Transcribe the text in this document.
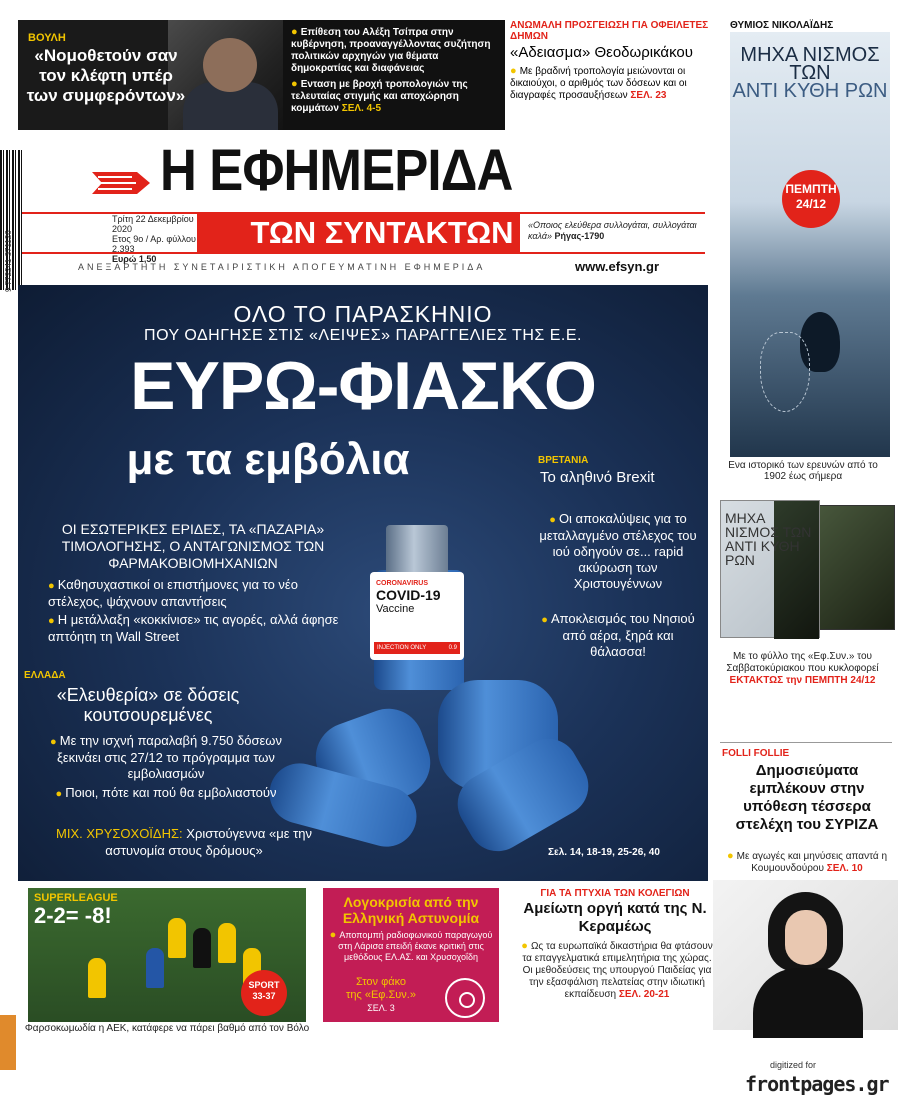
ΒΟΥΛΗ
«Νομοθετούν σαν τον κλέφτη υπέρ των συμφερόντων»

● Επίθεση του Αλέξη Τσίπρα στην κυβέρνηση, προαναγγέλλοντας συζήτηση πολιτικών αρχηγών για θέματα δημοκρατίας και διαφάνειας

● Ενταση με βροχή τροπολογιών της τελευταίας στιγμής και αποχώρηση κομμάτων ΣΕΛ. 4-5

ΑΝΩΜΑΛΗ ΠΡΟΣΓΕΙΩΣΗ ΓΙΑ ΟΦΕΙΛΕΤΕΣ ΔΗΜΩΝ
«Αδειασμα» Θεοδωρικάκου
● Με βραδινή τροπολογία μειώνονται οι δικαιούχοι, ο αριθμός των δόσεων και οι διαγραφές προσαυξήσεων ΣΕΛ. 23
Η ΕΦΗΜΕΡΙΔΑ
ΤΩΝ ΣΥΝΤΑΚΤΩΝ
Τρίτη 22 Δεκεμβρίου 2020
Ετος 9ο / Αρ. φύλλου 2.393
Ευρώ 1,50
«Οποιος ελεύθερα συλλογάται, συλλογάται καλά» Ρήγας-1790
ΑΝΕΞΑΡΤΗΤΗ ΣΥΝΕΤΑΙΡΙΣΤΙΚΗ ΑΠΟΓΕΥΜΑΤΙΝΗ ΕΦΗΜΕΡΙΔΑ	www.efsyn.gr
9 772241 371126
ΟΛΟ ΤΟ ΠΑΡΑΣΚΗΝΙΟ
ΠΟΥ ΟΔΗΓΗΣΕ ΣΤΙΣ «ΛΕΙΨΕΣ» ΠΑΡΑΓΓΕΛΙΕΣ ΤΗΣ Ε.Ε.
ΕΥΡΩ-ΦΙΑΣΚΟ
με τα εμβόλια
ΟΙ ΕΣΩΤΕΡΙΚΕΣ ΕΡΙΔΕΣ, ΤΑ «ΠΑΖΑΡΙΑ» ΤΙΜΟΛΟΓΗΣΗΣ, Ο ΑΝΤΑΓΩΝΙΣΜΟΣ ΤΩΝ ΦΑΡΜΑΚΟΒΙΟΜΗΧΑΝΙΩΝ
● Καθησυχαστικοί οι επιστήμονες για το νέο στέλεχος, ψάχνουν απαντήσεις
● Η μετάλλαξη «κοκκίνισε» τις αγορές, αλλά άφησε απτόητη τη Wall Street
CORONAVIRUS
COVID-19
Vaccine
INJECTION ONLY	0.9
ΕΛΛΑΔΑ
«Ελευθερία» σε δόσεις κουτσουρεμένες
● Με την ισχνή παραλαβή 9.750 δόσεων ξεκινάει στις 27/12 το πρόγραμμα των εμβολιασμών
● Ποιοι, πότε και πού θα εμβολιαστούν
ΜΙΧ. ΧΡΥΣΟΧΟΪΔΗΣ: Χριστούγεννα «με την αστυνομία στους δρόμους»	Σελ. 14, 18-19, 25-26, 40
ΒΡΕΤΑΝΙΑ
Το αληθινό Brexit
● Οι αποκαλύψεις για το μεταλλαγμένο στέλεχος του ιού οδηγούν σε... rapid ακύρωση των Χριστουγέννων
● Αποκλεισμός του Νησιού από αέρα, ξηρά και θάλασσα!
ΘΥΜΙΟΣ ΝΙΚΟΛΑΪΔΗΣ
ΜΗΧΑ ΝΙΣΜΟΣ ΤΩΝ
ΑΝΤΙ ΚΥΘΗ ΡΩΝ
ΠΕΜΠΤΗ
24/12
Ενα ιστορικό των ερευνών από το 1902 έως σήμερα
ΜΗΧΑ ΝΙΣΜΟΣ ΤΩΝ
ΑΝΤΙ ΚΥΘΗ ΡΩΝ
Με το φύλλο της «Εφ.Συν.» του Σαββατοκύριακου που κυκλοφορεί
ΕΚΤΑΚΤΩΣ την ΠΕΜΠΤΗ 24/12
FOLLI FOLLIE
Δημοσιεύματα εμπλέκουν στην υπόθεση τέσσερα στελέχη του ΣΥΡΙΖΑ
● Με αγωγές και μηνύσεις απαντά η Κουμουνδούρου ΣΕΛ. 10
SUPERLEAGUE
2-2= -8!
SPORT
33-37
Φαρσοκωμωδία η ΑΕΚ, κατάφερε να πάρει βαθμό από τον Βόλο
Λογοκρισία από την Ελληνική Αστυνομία
● Αποπομπή ραδιοφωνικού παραγωγού στη Λάρισα επειδή έκανε κριτική στις μεθόδους ΕΛ.ΑΣ. και Χρυσοχοΐδη
Στον φάκο
της «Εφ.Συν.»
ΣΕΛ. 3
ΓΙΑ ΤΑ ΠΤΥΧΙΑ ΤΩΝ ΚΟΛΕΓΙΩΝ
Αμείωτη οργή κατά της Ν. Κεραμέως
● Ως τα ευρωπαϊκά δικαστήρια θα φτάσουν τα επαγγελματικά επιμελητήρια της χώρας. Οι μεθοδεύσεις της υπουργού Παιδείας για την εξασφάλιση πελατείας στην ιδιωτική εκπαίδευση ΣΕΛ. 20-21
digitized for
frontpages.gr
